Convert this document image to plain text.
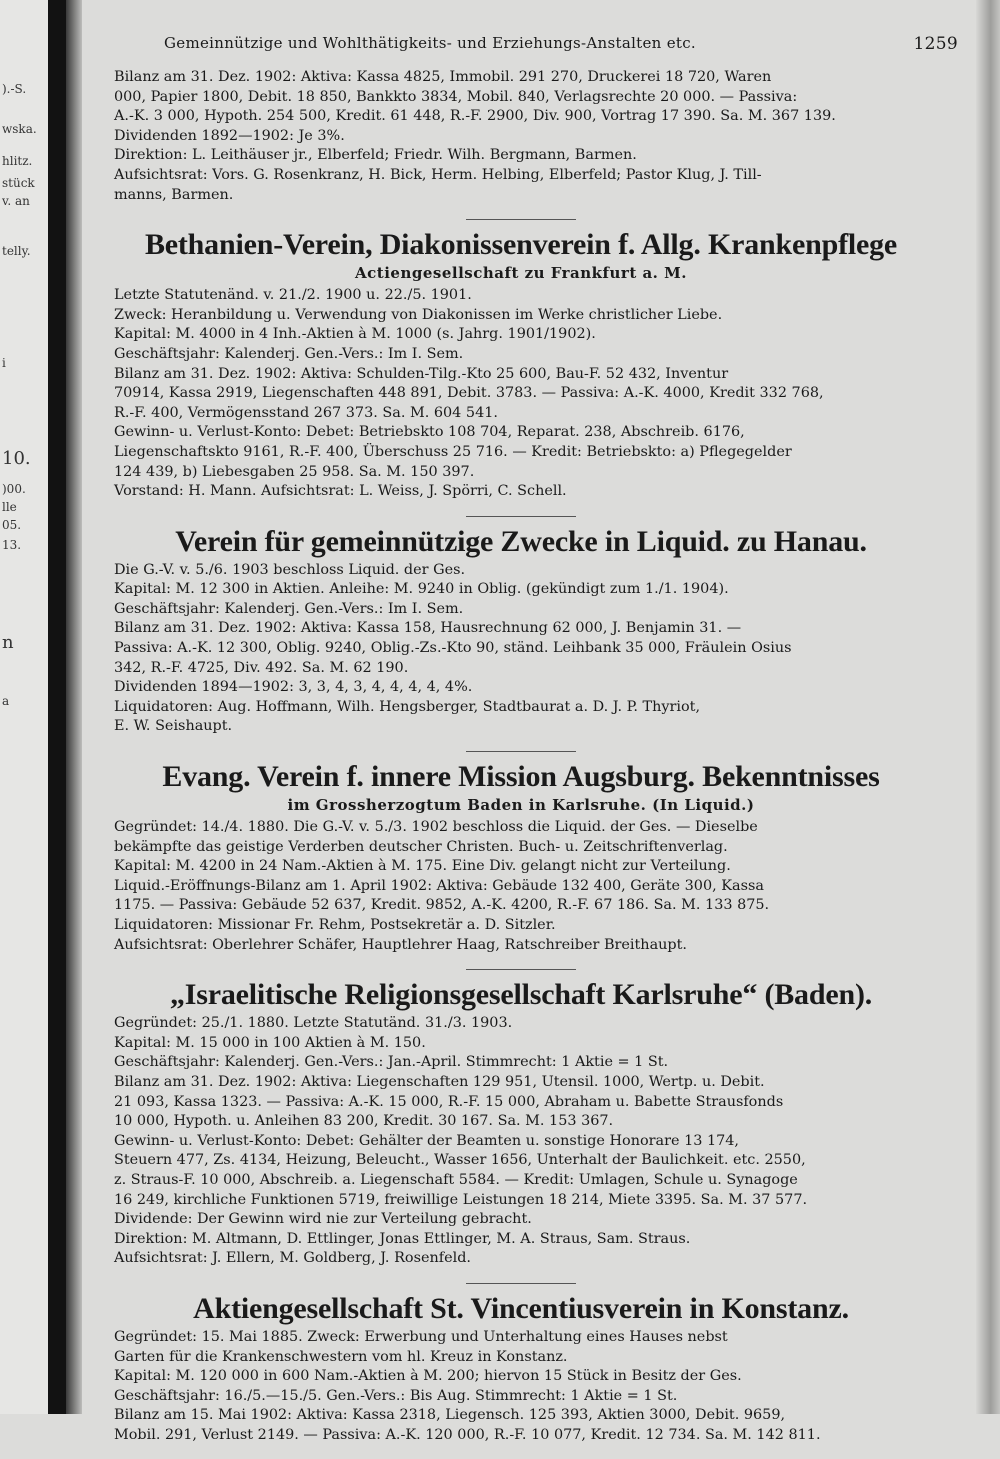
).-S.
wska.
hlitz.
stück
v. an
telly.
i
10.
)00.
lle
05.
13.
n
a
Gemeinnützige und Wohlthätigkeits- und Erziehungs-Anstalten etc.	1259

Bilanz am 31. Dez. 1902: Aktiva: Kassa 4825, Immobil. 291 270, Druckerei 18 720, Waren

000, Papier 1800, Debit. 18 850, Bankkto 3834, Mobil. 840, Verlagsrechte 20 000. — Passiva:

A.-K. 3 000, Hypoth. 254 500, Kredit. 61 448, R.-F. 2900, Div. 900, Vortrag 17 390. Sa. M. 367 139.

Dividenden 1892—1902: Je 3%.

Direktion: L. Leithäuser jr., Elberfeld; Friedr. Wilh. Bergmann, Barmen.

Aufsichtsrat: Vors. G. Rosenkranz, H. Bick, Herm. Helbing, Elberfeld; Pastor Klug, J. Till-

manns, Barmen.

Bethanien-Verein, Diakonissenverein f. Allg. Krankenpflege
Actiengesellschaft zu Frankfurt a. M.

Letzte Statutenänd. v. 21./2. 1900 u. 22./5. 1901.

Zweck: Heranbildung u. Verwendung von Diakonissen im Werke christlicher Liebe.

Kapital: M. 4000 in 4 Inh.-Aktien à M. 1000 (s. Jahrg. 1901/1902).

Geschäftsjahr: Kalenderj. Gen.-Vers.: Im I. Sem.

Bilanz am 31. Dez. 1902: Aktiva: Schulden-Tilg.-Kto 25 600, Bau-F. 52 432, Inventur

70914, Kassa 2919, Liegenschaften 448 891, Debit. 3783. — Passiva: A.-K. 4000, Kredit 332 768,

R.-F. 400, Vermögensstand 267 373. Sa. M. 604 541.

Gewinn- u. Verlust-Konto: Debet: Betriebskto 108 704, Reparat. 238, Abschreib. 6176,

Liegenschaftskto 9161, R.-F. 400, Überschuss 25 716. — Kredit: Betriebskto: a) Pflegegelder

124 439, b) Liebesgaben 25 958. Sa. M. 150 397.

Vorstand: H. Mann. Aufsichtsrat: L. Weiss, J. Spörri, C. Schell.

Verein für gemeinnützige Zwecke in Liquid. zu Hanau.

Die G.-V. v. 5./6. 1903 beschloss Liquid. der Ges.

Kapital: M. 12 300 in Aktien. Anleihe: M. 9240 in Oblig. (gekündigt zum 1./1. 1904).

Geschäftsjahr: Kalenderj. Gen.-Vers.: Im I. Sem.

Bilanz am 31. Dez. 1902: Aktiva: Kassa 158, Hausrechnung 62 000, J. Benjamin 31. —

Passiva: A.-K. 12 300, Oblig. 9240, Oblig.-Zs.-Kto 90, ständ. Leihbank 35 000, Fräulein Osius

342, R.-F. 4725, Div. 492. Sa. M. 62 190.

Dividenden 1894—1902: 3, 3, 4, 3, 4, 4, 4, 4, 4%.

Liquidatoren: Aug. Hoffmann, Wilh. Hengsberger, Stadtbaurat a. D. J. P. Thyriot,

E. W. Seishaupt.

Evang. Verein f. innere Mission Augsburg. Bekenntnisses
im Grossherzogtum Baden in Karlsruhe. (In Liquid.)

Gegründet: 14./4. 1880. Die G.-V. v. 5./3. 1902 beschloss die Liquid. der Ges. — Dieselbe

bekämpfte das geistige Verderben deutscher Christen. Buch- u. Zeitschriftenverlag.

Kapital: M. 4200 in 24 Nam.-Aktien à M. 175. Eine Div. gelangt nicht zur Verteilung.

Liquid.-Eröffnungs-Bilanz am 1. April 1902: Aktiva: Gebäude 132 400, Geräte 300, Kassa

1175. — Passiva: Gebäude 52 637, Kredit. 9852, A.-K. 4200, R.-F. 67 186. Sa. M. 133 875.

Liquidatoren: Missionar Fr. Rehm, Postsekretär a. D. Sitzler.

Aufsichtsrat: Oberlehrer Schäfer, Hauptlehrer Haag, Ratschreiber Breithaupt.

„Israelitische Religionsgesellschaft Karlsruhe“ (Baden).

Gegründet: 25./1. 1880. Letzte Statutänd. 31./3. 1903.

Kapital: M. 15 000 in 100 Aktien à M. 150.

Geschäftsjahr: Kalenderj. Gen.-Vers.: Jan.-April. Stimmrecht: 1 Aktie = 1 St.

Bilanz am 31. Dez. 1902: Aktiva: Liegenschaften 129 951, Utensil. 1000, Wertp. u. Debit.

21 093, Kassa 1323. — Passiva: A.-K. 15 000, R.-F. 15 000, Abraham u. Babette Strausfonds

10 000, Hypoth. u. Anleihen 83 200, Kredit. 30 167. Sa. M. 153 367.

Gewinn- u. Verlust-Konto: Debet: Gehälter der Beamten u. sonstige Honorare 13 174,

Steuern 477, Zs. 4134, Heizung, Beleucht., Wasser 1656, Unterhalt der Baulichkeit. etc. 2550,

z. Straus-F. 10 000, Abschreib. a. Liegenschaft 5584. — Kredit: Umlagen, Schule u. Synagoge

16 249, kirchliche Funktionen 5719, freiwillige Leistungen 18 214, Miete 3395. Sa. M. 37 577.

Dividende: Der Gewinn wird nie zur Verteilung gebracht.

Direktion: M. Altmann, D. Ettlinger, Jonas Ettlinger, M. A. Straus, Sam. Straus.

Aufsichtsrat: J. Ellern, M. Goldberg, J. Rosenfeld.

Aktiengesellschaft St. Vincentiusverein in Konstanz.

Gegründet: 15. Mai 1885. Zweck: Erwerbung und Unterhaltung eines Hauses nebst

Garten für die Krankenschwestern vom hl. Kreuz in Konstanz.

Kapital: M. 120 000 in 600 Nam.-Aktien à M. 200; hiervon 15 Stück in Besitz der Ges.

Geschäftsjahr: 16./5.—15./5. Gen.-Vers.: Bis Aug. Stimmrecht: 1 Aktie = 1 St.

Bilanz am 15. Mai 1902: Aktiva: Kassa 2318, Liegensch. 125 393, Aktien 3000, Debit. 9659,

Mobil. 291, Verlust 2149. — Passiva: A.-K. 120 000, R.-F. 10 077, Kredit. 12 734. Sa. M. 142 811.
